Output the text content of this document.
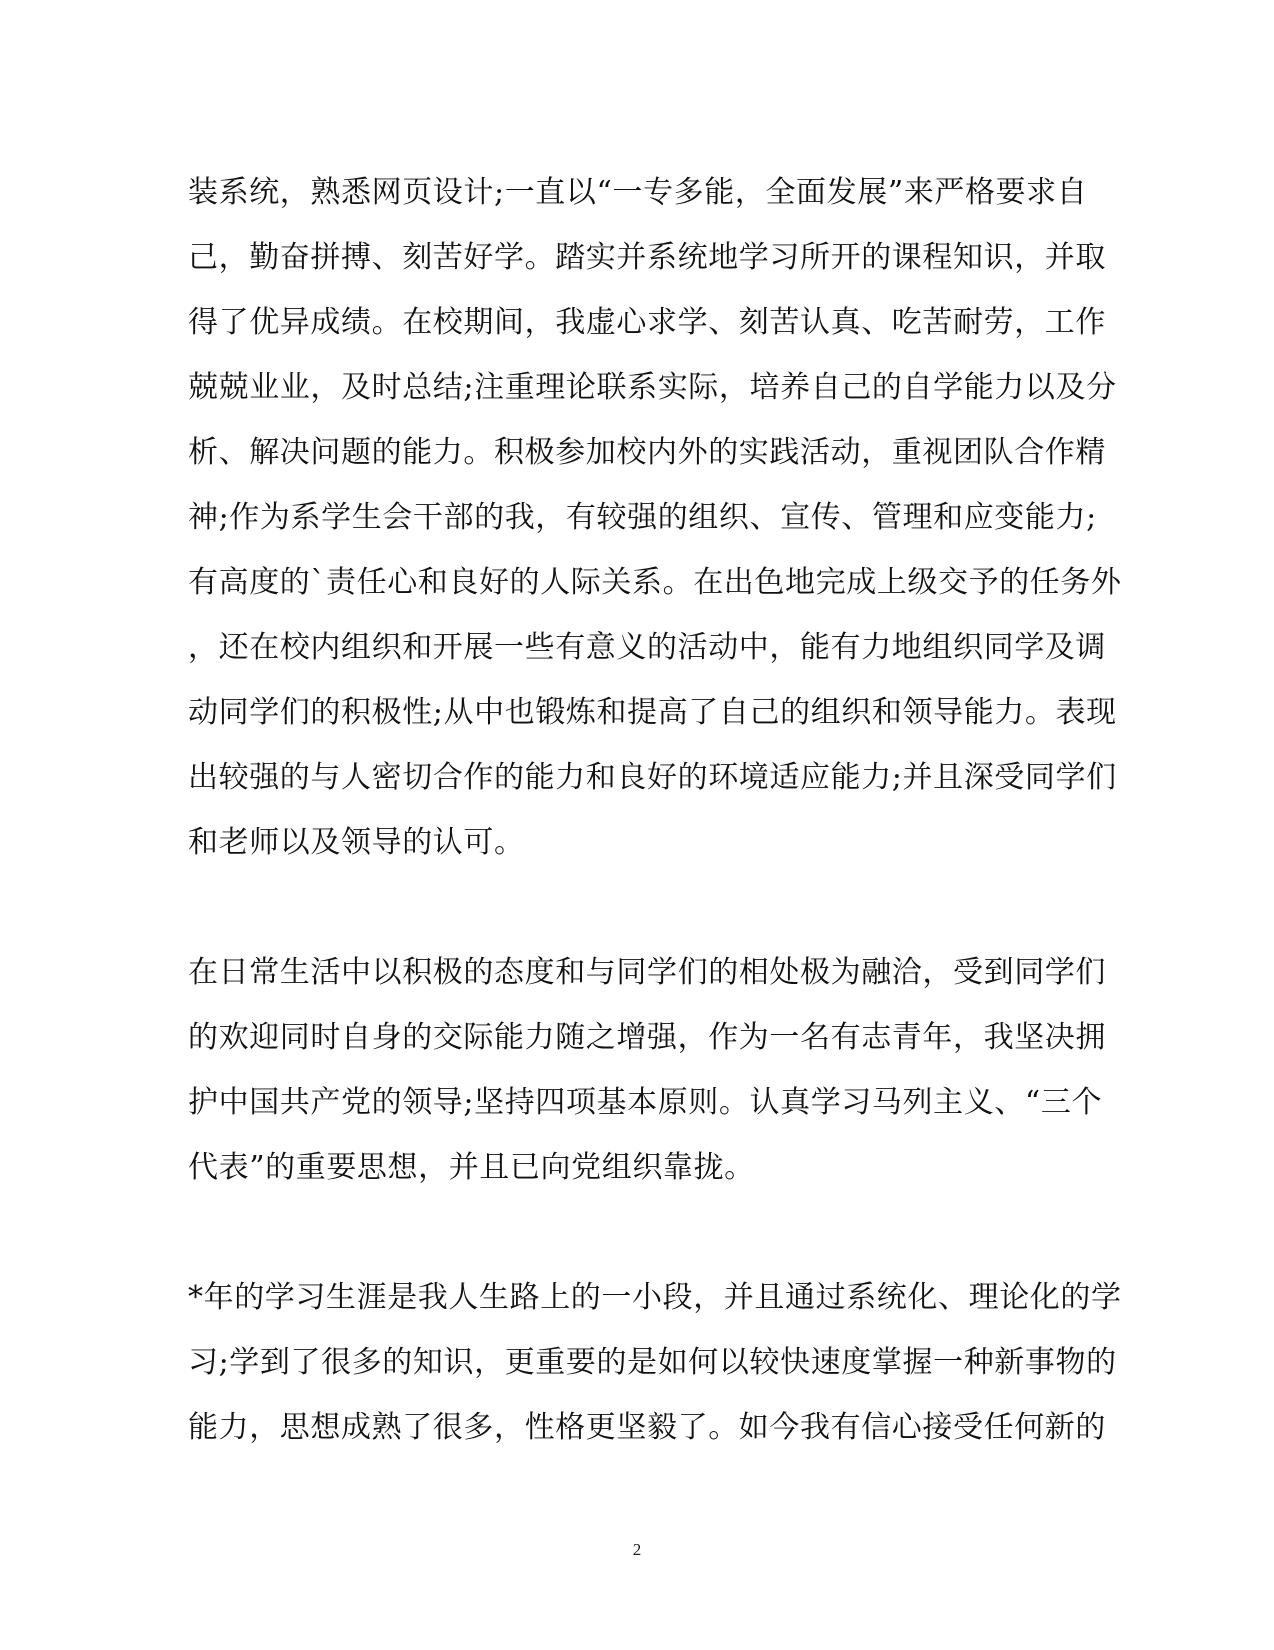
装系统，熟悉网页设计;一直以“一专多能，全面发展”来严格要求自
己，勤奋拼搏、刻苦好学。踏实并系统地学习所开的课程知识，并取
得了优异成绩。在校期间，我虚心求学、刻苦认真、吃苦耐劳，工作
兢兢业业，及时总结;注重理论联系实际，培养自己的自学能力以及分
析、解决问题的能力。积极参加校内外的实践活动，重视团队合作精
神;作为系学生会干部的我，有较强的组织、宣传、管理和应变能力;
有高度的`责任心和良好的人际关系。在出色地完成上级交予的任务外
，还在校内组织和开展一些有意义的活动中，能有力地组织同学及调
动同学们的积极性;从中也锻炼和提高了自己的组织和领导能力。表现
出较强的与人密切合作的能力和良好的环境适应能力;并且深受同学们
和老师以及领导的认可。
在日常生活中以积极的态度和与同学们的相处极为融洽，受到同学们
的欢迎同时自身的交际能力随之增强，作为一名有志青年，我坚决拥
护中国共产党的领导;坚持四项基本原则。认真学习马列主义、“三个
代表”的重要思想，并且已向党组织靠拢。
*年的学习生涯是我人生路上的一小段，并且通过系统化、理论化的学
习;学到了很多的知识，更重要的是如何以较快速度掌握一种新事物的
能力，思想成熟了很多，性格更坚毅了。如今我有信心接受任何新的
2
